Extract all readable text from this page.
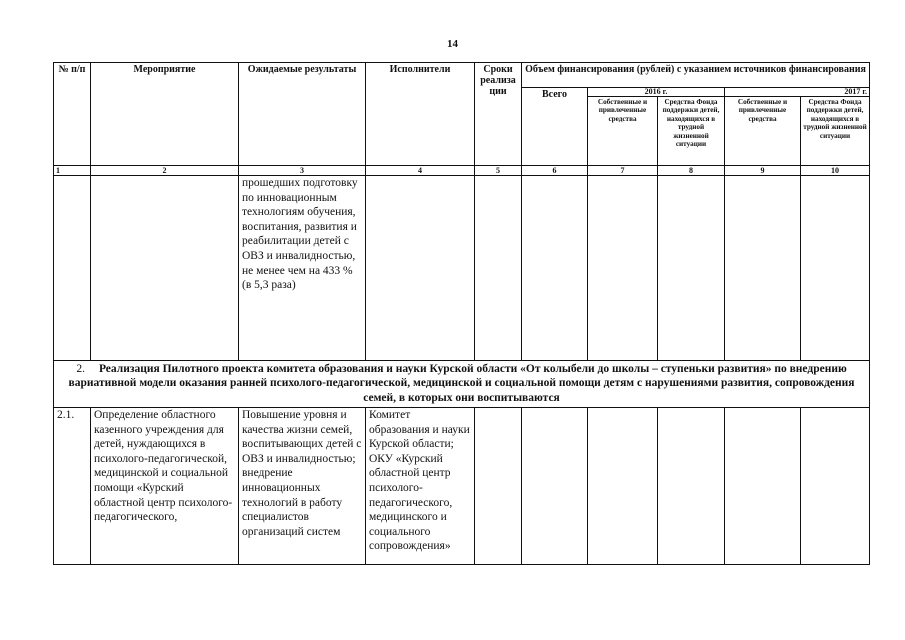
14
№ п/п	Мероприятие	Ожидаемые результаты	Исполнители	Сроки реализа ции	Объем финансирования (рублей) с указанием источников финансирования				
					Всего	2016 г.		2017 г.	
						Собственные и привлеченные средства	Средства Фонда поддержки детей, находящихся в трудной жизненной ситуации	Собственные и привлеченные средства	Средства Фонда поддержки детей, находящихся в трудной жизненной ситуации
1	2	3	4	5	6	7	8	9	10
		прошедших подготовку по инновационным технологиям обучения, воспитания, развития и реабилитации детей с ОВЗ и инвалидностью, не менее чем на 433 % (в 5,3 раза)							
2. Реализация Пилотного проекта комитета образования и науки Курской области «От колыбели до школы – ступеньки развития» по внедрению вариативной модели оказания ранней психолого-педагогической, медицинской и социальной помощи детям с нарушениями развития, сопровождения семей, в которых они воспитываются									
2.1.	Определение областного казенного учреждения для детей, нуждающихся в психолого-педагогической, медицинской и социальной помощи «Курский областной центр психолого-педагогического,	Повышение уровня и качества жизни семей, воспитывающих детей с ОВЗ и инвалидностью; внедрение инновационных технологий в работу специалистов организаций систем	Комитет образования и науки Курской области; ОКУ «Курский областной центр психолого-педагогического, медицинского и социального сопровождения»						
